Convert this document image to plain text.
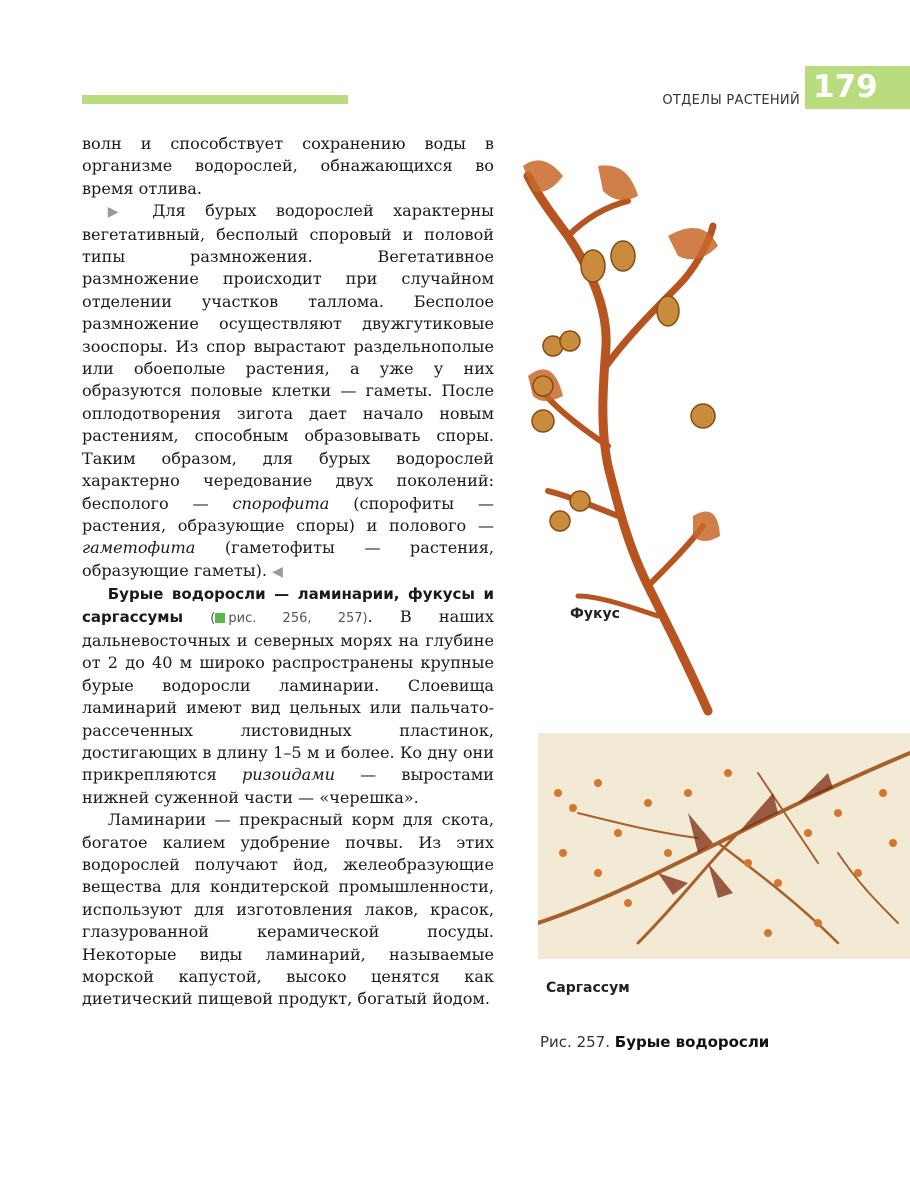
ОТДЕЛЫ РАСТЕНИЙ 179

волн и способствует сохранению воды в организме водорослей, обнажающихся во время отлива.

▶ Для бурых водорослей характерны вегетативный, бесполый споровый и половой типы размножения. Вегетативное размножение происходит при случайном отделении участков таллома. Бесполое размножение осуществляют двужгутиковые зооспоры. Из спор вырастают раздельнополые или обоеполые растения, а уже у них образуются половые клетки — гаметы. После оплодотворения зигота дает начало новым растениям, способным образовывать споры. Таким образом, для бурых водорослей характерно чередование двух поколений: бесполого — спорофита (спорофиты — растения, образующие споры) и полового — гаметофита (гаметофиты — растения, образующие гаметы). ◀

Бурые водоросли — ламинарии, фукусы и саргассумы ( рис. 256, 257). В наших дальневосточных и северных морях на глубине от 2 до 40 м широко распространены крупные бурые водоросли ламинарии. Слоевища ламинарий имеют вид цельных или пальчато-рассеченных листовидных пластинок, достигающих в длину 1–5 м и более. Ко дну они прикрепляются ризоидами — выростами нижней суженной части — «черешка».

Ламинарии — прекрасный корм для скота, богатое калием удобрение почвы. Из этих водорослей получают йод, желеобразующие вещества для кондитерской промышленности, используют для изготовления лаков, красок, глазурованной керамической посуды. Некоторые виды ламинарий, называемые морской капустой, высоко ценятся как диетический пищевой продукт, богатый йодом.

Фукус
Саргассум
Рис. 257. Бурые водоросли
